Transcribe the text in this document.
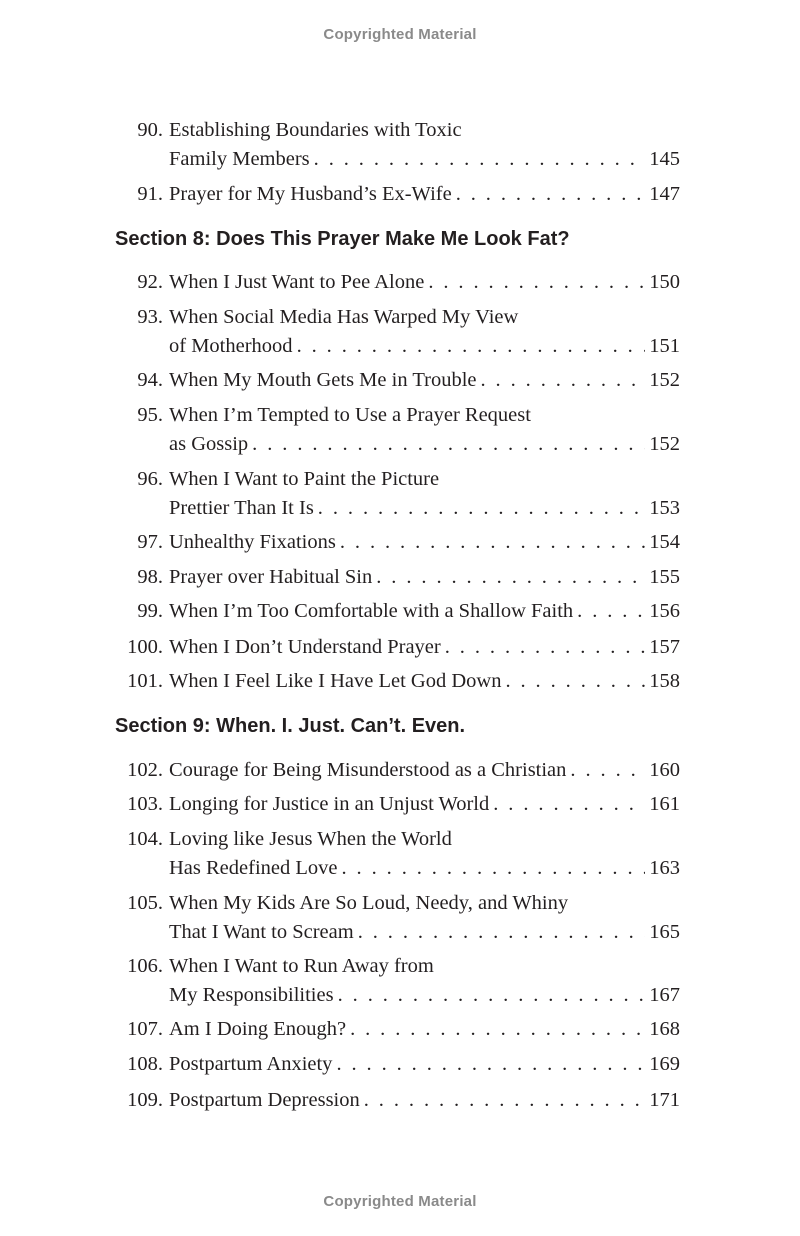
Copyrighted Material
Section 8: Does This Prayer Make Me Look Fat?
Section 9: When. I. Just. Can’t. Even.
90. Establishing Boundaries with Toxic
Family Members . . .	145
91. Prayer for My Husband’s Ex-Wife . . .	147
92. When I Just Want to Pee Alone . . .	150
93. When Social Media Has Warped My View
of Motherhood . . .	151
94. When My Mouth Gets Me in Trouble . . .	152
95. When I’m Tempted to Use a Prayer Request
as Gossip . . .	152
96. When I Want to Paint the Picture
Prettier Than It Is . . .	153
97. Unhealthy Fixations . . .	154
98. Prayer over Habitual Sin . . .	155
99. When I’m Too Comfortable with a Shallow Faith . . .	156
100. When I Don’t Understand Prayer . . .	157
101. When I Feel Like I Have Let God Down . . .	158
102. Courage for Being Misunderstood as a Christian . . .	160
103. Longing for Justice in an Unjust World . . .	161
104. Loving like Jesus When the World
Has Redefined Love . . .	163
105. When My Kids Are So Loud, Needy, and Whiny
That I Want to Scream . . .	165
106. When I Want to Run Away from
My Responsibilities . . .	167
107. Am I Doing Enough? . . .	168
108. Postpartum Anxiety . . .	169
109. Postpartum Depression . . .	171
Copyrighted Material
